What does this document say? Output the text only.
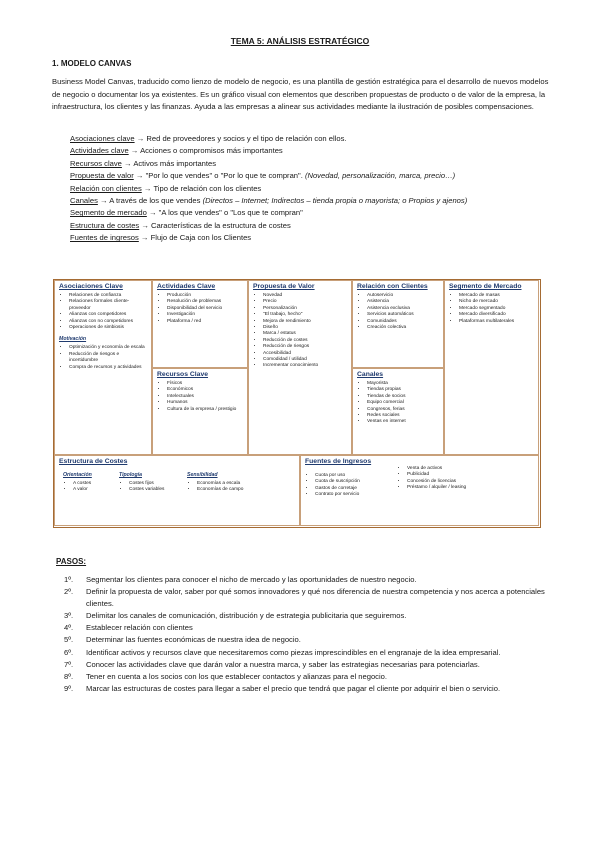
TEMA 5: ANÁLISIS ESTRATÉGICO
1. MODELO CANVAS
Business Model Canvas, traducido como lienzo de modelo de negocio, es una plantilla de gestión estratégica para el desarrollo de nuevos modelos de negocio o documentar los ya existentes. Es un gráfico visual con elementos que describen propuestas de producto o de valor de la empresa, la infraestructura, los clientes y las finanzas. Ayuda a las empresas a alinear sus actividades mediante la ilustración de posibles compensaciones.
Asociaciones clave → Red de proveedores y socios y el tipo de relación con ellos.
Actividades clave → Acciones o compromisos más importantes
Recursos clave → Activos más importantes
Propuesta de valor → "Por lo que vendes" o "Por lo que te compran". (Novedad, personalización, marca, precio…)
Relación con clientes → Tipo de relación con los clientes
Canales → A través de los que vendes (Directos – Internet; Indirectos – tienda propia o mayorista; o Propios y ajenos)
Segmento de mercado → "A los que vendes" o "Los que te compran"
Estructura de costes → Características de la estructura de costes
Fuentes de ingresos → Flujo de Caja con los Clientes
Asociaciones Clave
• Relaciones de confianza
• Relaciones formales cliente-proveedor
• Alianzas con competidores
• Alianzas con no competidores
• Operaciones de simbiosis
Motivación
• Optimización y economía de escala
• Reducción de riesgos e incertidumbre
• Compra de recursos y actividades
Actividades Clave
• Producción
• Resolución de problemas
• Disponibilidad del servicio
• Investigación
• Plataforma / red
Recursos Clave
• Físicos
• Económicos
• Intelectuales
• Humanos
• Cultura de la empresa / prestigio
Propuesta de Valor
• Novedad
• Precio
• Personalización
• "El trabajo, hecho"
• Mejora de rendimiento
• Diseño
• Marca / estatus
• Reducción de costes
• Reducción de riesgos
• Accesibilidad
• Comodidad / utilidad
• Incrementar conocimiento
Relación con Clientes
• Autoservicio
• Asistencia
• Asistencia exclusiva
• Servicios automáticos
• Comunidades
• Creación colectiva
Canales
• Mayorista
• Tiendas propias
• Tiendas de socios
• Equipo comercial
• Congresos, ferias
• Redes sociales
• Ventas en internet
Segmento de Mercado
• Mercado de masas
• Nicho de mercado
• Mercado segmentado
• Mercado diversificado
• Plataformas multilaterales
Estructura de Costes
Orientación
• A costes
• A valor
Tipología
• Costes fijos
• Costes variables
Sensibilidad
• Economías a escala
• Economías de campo
Fuentes de Ingresos
• Cuota por uso
• Cuota de suscripción
• Gastos de corretaje
• Contrato por servicio
• Venta de activos
• Publicidad
• Concesión de licencias
• Préstamo / alquiler / leasing
PASOS:
1º.	Segmentar los clientes para conocer el nicho de mercado y las oportunidades de nuestro negocio.
2º.	Definir la propuesta de valor, saber por qué somos innovadores y qué nos diferencia de nuestra competencia y nos acerca a potenciales clientes.
3º.	Delimitar los canales de comunicación, distribución y de estrategia publicitaria que seguiremos.
4º.	Establecer relación con clientes
5º.	Determinar las fuentes económicas de nuestra idea de negocio.
6º.	Identificar activos y recursos clave que necesitaremos como piezas imprescindibles en el engranaje de la idea empresarial.
7º.	Conocer las actividades clave que darán valor a nuestra marca, y saber las estrategias necesarias para potenciarlas.
8º.	Tener en cuenta a los socios con los que establecer contactos y alianzas para el negocio.
9º.	Marcar las estructuras de costes para llegar a saber el precio que tendrá que pagar el cliente por adquirir el bien o servicio.
